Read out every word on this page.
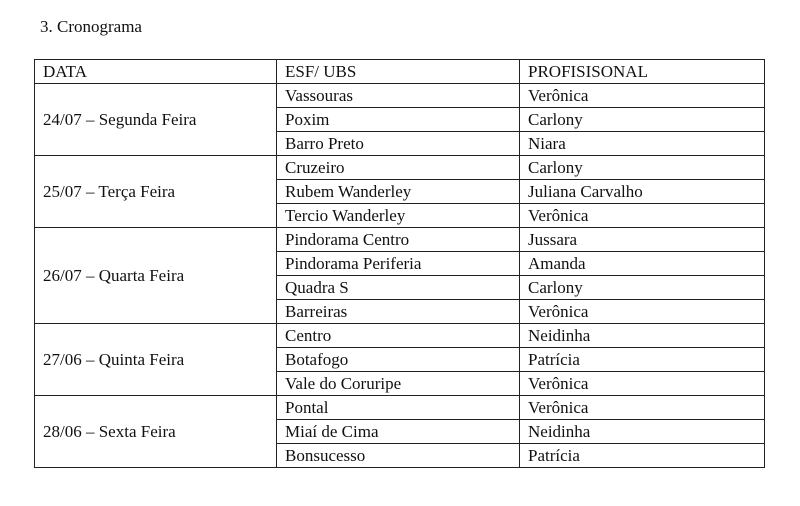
3. Cronograma
DATA	ESF/ UBS	PROFISISONAL
24/07 – Segunda Feira	Vassouras	Verônica
	Poxim	Carlony
	Barro Preto	Niara
25/07 – Terça Feira	Cruzeiro	Carlony
	Rubem Wanderley	Juliana Carvalho
	Tercio Wanderley	Verônica
26/07 – Quarta Feira	Pindorama Centro	Jussara
	Pindorama Periferia	Amanda
	Quadra S	Carlony
	Barreiras	Verônica
27/06 – Quinta Feira	Centro	Neidinha
	Botafogo	Patrícia
	Vale do Coruripe	Verônica
28/06 – Sexta Feira	Pontal	Verônica
	Miaí de Cima	Neidinha
	Bonsucesso	Patrícia
